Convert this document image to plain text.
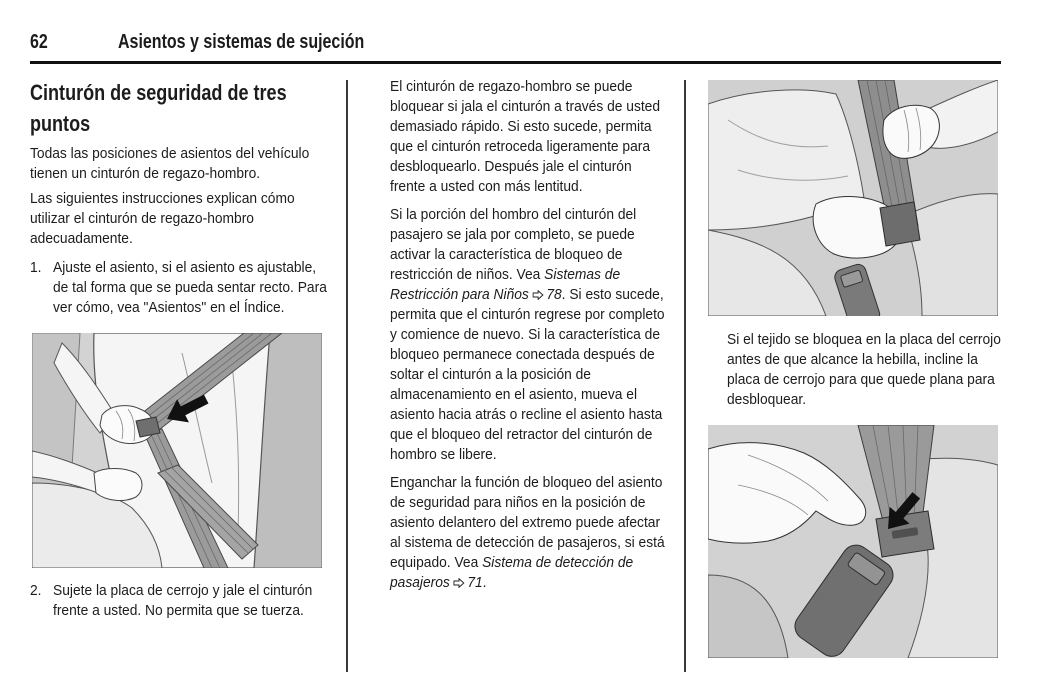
62	Asientos y sistemas de sujeción
Cinturón de seguridad de tres puntos

Todas las posiciones de asientos del vehículo tienen un cinturón de regazo-hombro.

Las siguientes instrucciones explican cómo utilizar el cinturón de regazo-hombro adecuadamente.

1. Ajuste el asiento, si el asiento es ajustable, de tal forma que se pueda sentar recto. Para ver cómo, vea "Asientos" en el Índice.
2. Sujete la placa de cerrojo y jale el cinturón frente a usted. No permita que se tuerza.

El cinturón de regazo-hombro se puede bloquear si jala el cinturón a través de usted demasiado rápido. Si esto sucede, permita que el cinturón retroceda ligeramente para desbloquearlo. Después jale el cinturón frente a usted con más lentitud.

Si la porción del hombro del cinturón del pasajero se jala por completo, se puede activar la característica de bloqueo de restricción de niños. Vea Sistemas de Restricción para Niños 78. Si esto sucede, permita que el cinturón regrese por completo y comience de nuevo. Si la característica de bloqueo permanece conectada después de soltar el cinturón a la posición de almacenamiento en el asiento, mueva el asiento hacia atrás o recline el asiento hasta que el bloqueo del retractor del cinturón de hombro se libere.

Enganchar la función de bloqueo del asiento de seguridad para niños en la posición de asiento delantero del extremo puede afectar al sistema de detección de pasajeros, si está equipado. Vea Sistema de detección de pasajeros 71.

Si el tejido se bloquea en la placa del cerrojo antes de que alcance la hebilla, incline la placa de cerrojo para que quede plana para desbloquear.
